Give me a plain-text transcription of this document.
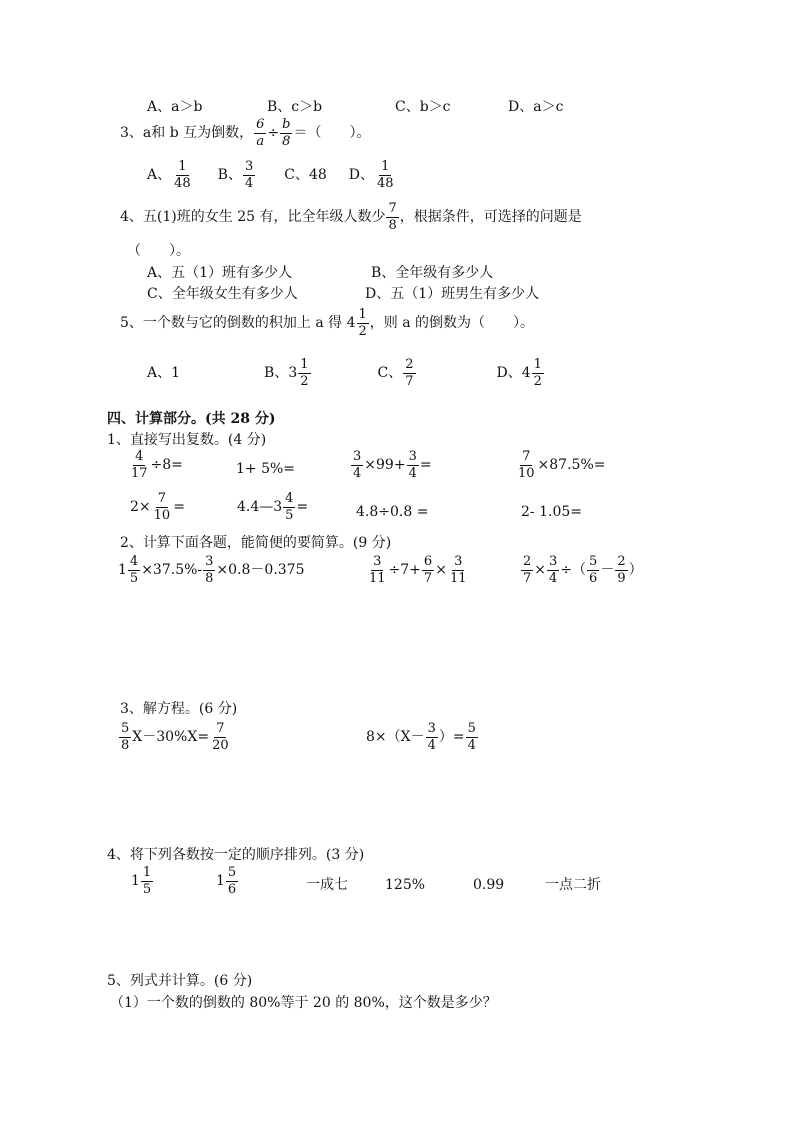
A、a＞b	B、c＞b	C、b＞c	D、a＞c
3、a和 b 互为倒数， $\frac{6}{a} \div \frac{b}{8}$ ＝（　　）。
A、 $\frac{1}{48}$ B、 $\frac{3}{4}$ C、48 D、 $\frac{1}{48}$
4、五(1)班的女生 25 有，比全年级人数少 $\frac{7}{8}$ ，根据条件，可选择的问题是
（　　）。
A、五（1）班有多少人	B、全年级有多少人
C、全年级女生有多少人	D、五（1）班男生有多少人
5、一个数与它的倒数的积加上 a 得 $4 \frac{1}{2}$ ，则 a 的倒数为（　　）。
A、1	B、$3 \frac{1}{2}$	C、 $\frac{2}{7}$	D、$4 \frac{1}{2}$
四、计算部分。(共 28 分)
1、直接写出复数。(4 分)
$\frac{4}{17} \div 8=$	1+ 5%=	$\frac{3}{4} \times 99+ \frac{3}{4}$ =	$\frac{7}{10} \times 87.5\%=$
$2\times \frac{7}{10}$ =	4.4—3 $\frac{4}{5}$ =	4.8÷0.8 =	2- 1.05=
2、计算下面各题，能简便的要简算。(9 分)
$1 \frac{4}{5} \times 37.5\%- \frac{3}{8} \times 0.8-0.375$	$\frac{3}{11} \div 7+ \frac{6}{7} \times \frac{3}{11}$	$\frac{2}{7} \times \frac{3}{4}$ ÷（ $\frac{5}{6} - \frac{2}{9}$ ）
3、解方程。(6 分)
$\frac{5}{8} X-30\%X= \frac{7}{20}$	$8\times(X- \frac{3}{4}$ ）= $\frac{5}{4}$
4、将下列各数按一定的顺序排列。(3 分)
$1 \frac{1}{5}$	$1 \frac{5}{6}$	一成七	125%	0.99	一点二折
5、列式并计算。(6 分)
（1）一个数的倒数的 80%等于 20 的 80%，这个数是多少？
